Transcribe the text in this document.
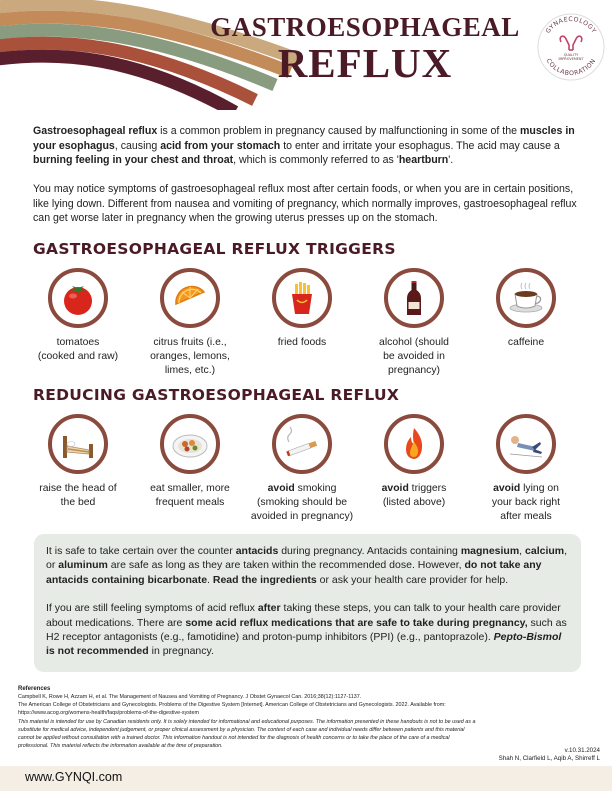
GASTROESOPHAGEAL
REFLUX
GYNAECOLOGY
COLLABORATION
QUALITY
IMPROVEMENT

Gastroesophageal reflux is a common problem in pregnancy caused by malfunctioning in some of the muscles in your esophagus, causing acid from your stomach to enter and irritate your esophagus. The acid may cause a burning feeling in your chest and throat, which is commonly referred to as 'heartburn'.

You may notice symptoms of gastroesophageal reflux most after certain foods, or when you are in certain positions, like lying down. Different from nausea and vomiting of pregnancy, which normally improves, gastroesophageal reflux can get worse later in pregnancy when the growing uterus presses up on the stomach.

GASTROESOPHAGEAL REFLUX TRIGGERS
tomatoes
(cooked and raw)
citrus fruits (i.e.,
oranges, lemons,
limes, etc.)
fried foods	alcohol (should
be avoided in
pregnancy)
caffeine
REDUCING GASTROESOPHAGEAL REFLUX
raise the head of
the bed
eat smaller, more
frequent meals
avoid smoking
(smoking should be
avoided in pregnancy)
avoid triggers
(listed above)
avoid lying on
your back right
after meals

It is safe to take certain over the counter antacids during pregnancy. Antacids containing magnesium, calcium, or aluminum are safe as long as they are taken within the recommended dose. However, do not take any antacids containing bicarbonate. Read the ingredients or ask your health care provider for help.

If you are still feeling symptoms of acid reflux after taking these steps, you can talk to your health care provider about medications. There are some acid reflux medications that are safe to take during pregnancy, such as H2 receptor antagonists (e.g., famotidine) and proton-pump inhibitors (PPI) (e.g., pantoprazole). Pepto-Bismol is not recommended in pregnancy.

References
Campbell K, Rowe H, Azzam H, et al. The Management of Nausea and Vomiting of Pregnancy. J Obstet Gynaecol Can. 2016;38(12):1127-1137.
The American College of Obstetricians and Gynecologists. Problems of the Digestive System [Internet]. American College of Obstetricians and Gynecologists. 2022. Available from: https://www.acog.org/womens-health/faqs/problems-of-the-digestive-system
This material is intended for use by Canadian residents only. It is solely intended for informational and educational purposes. The information presented in these handouts is not to be used as a substitute for medical advice, independent judgement, or proper clinical assessment by a physician. The context of each case and individual needs differ between patients and this material cannot be applied without consultation with a trained doctor. This information handout is not intended for the diagnosis of health concerns or to take the place of the care of a medical professional. This material reflects the information available at the time of preparation.
v.10.31.2024
Shah N, Clarfield L, Aqib A, Shirreff L
www.GYNQI.com
